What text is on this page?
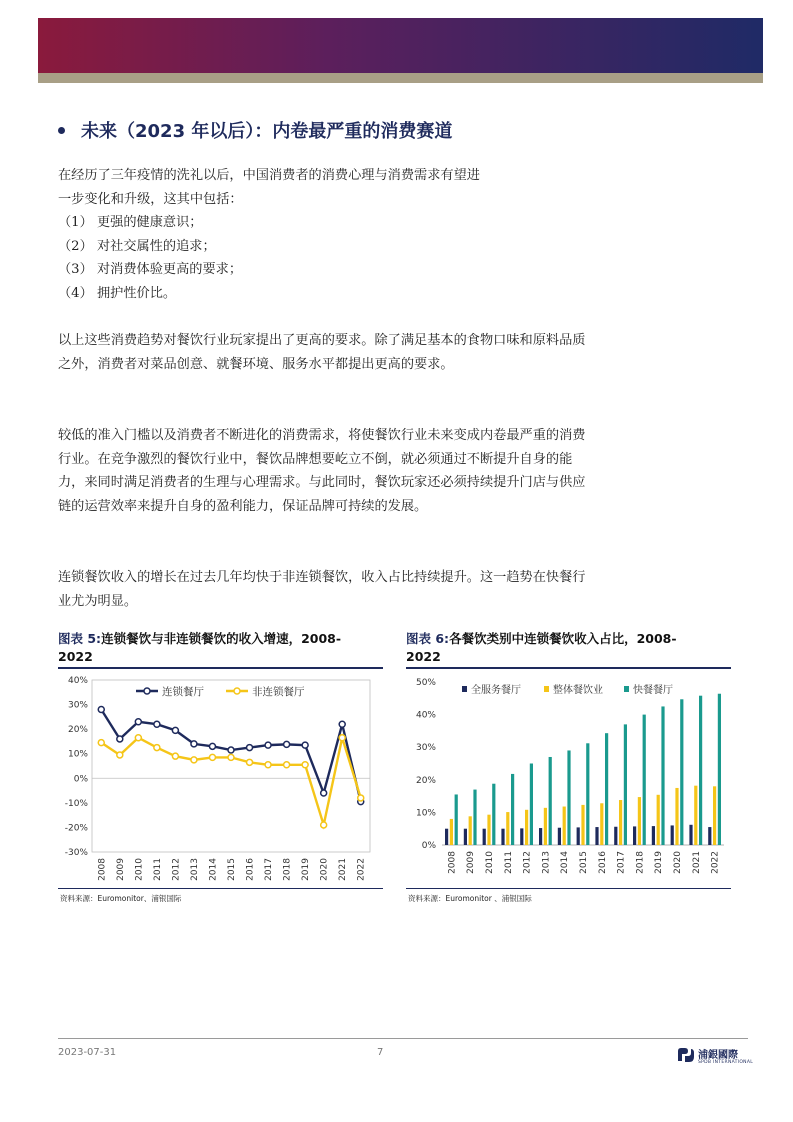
未来（2023 年以后）：内卷最严重的消费赛道

在经历了三年疫情的洗礼以后，中国消费者的消费心理与消费需求有望进

一步变化和升级，这其中包括：

（1） 更强的健康意识；

（2） 对社交属性的追求；

（3） 对消费体验更高的要求；

（4） 拥护性价比。

以上这些消费趋势对餐饮行业玩家提出了更高的要求。除了满足基本的食物口味和原料品质之外，消费者对菜品创意、就餐环境、服务水平都提出更高的要求。

较低的准入门槛以及消费者不断进化的消费需求，将使餐饮行业未来变成内卷最严重的消费行业。在竞争激烈的餐饮行业中，餐饮品牌想要屹立不倒，就必须通过不断提升自身的能力，来同时满足消费者的生理与心理需求。与此同时，餐饮玩家还必须持续提升门店与供应链的运营效率来提升自身的盈利能力，保证品牌可持续的发展。

连锁餐饮收入的增长在过去几年均快于非连锁餐饮，收入占比持续提升。这一趋势在快餐行业尤为明显。

图表 5:连锁餐饮与非连锁餐饮的收入增速，2008-
2022
图表 6:各餐饮类别中连锁餐饮收入占比，2008-
2022
40%
30%
20%
10%
0%
-10%
-20%
-30%
2008 2009 2010 2011 2012 2013 2014 2015 2016 2017 2018 2019 2020 2021 2022
连锁餐厅	非连锁餐厅
资料来源：Euromonitor、浦银国际
50%
40%
30%
20%
10%
0%
2008 2009 2010 2011 2012 2013 2014 2015 2016 2017 2018 2019 2020 2021 2022
全服务餐厅	整体餐饮业	快餐餐厅
资料来源：Euromonitor 、浦银国际
2023-07-31	7	浦銀國際
SPDB INTERNATIONAL
